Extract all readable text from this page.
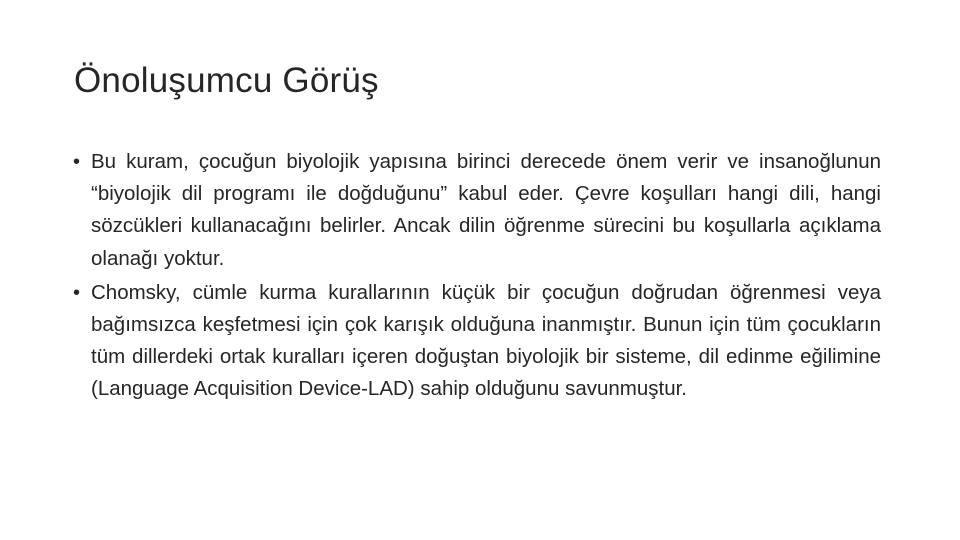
Önoluşumcu Görüş
• Bu kuram, çocuğun biyolojik yapısına birinci derecede önem verir ve insanoğlunun “biyolojik dil programı ile doğduğunu” kabul eder. Çevre koşulları hangi dili, hangi sözcükleri kullanacağını belirler. Ancak dilin öğrenme sürecini bu koşullarla açıklama olanağı yoktur.
• Chomsky, cümle kurma kurallarının küçük bir çocuğun doğrudan öğrenmesi veya bağımsızca keşfetmesi için çok karışık olduğuna inanmıştır. Bunun için tüm çocukların tüm dillerdeki ortak kuralları içeren doğuştan biyolojik bir sisteme, dil edinme eğilimine (Language Acquisition Device-LAD) sahip olduğunu savunmuştur.
